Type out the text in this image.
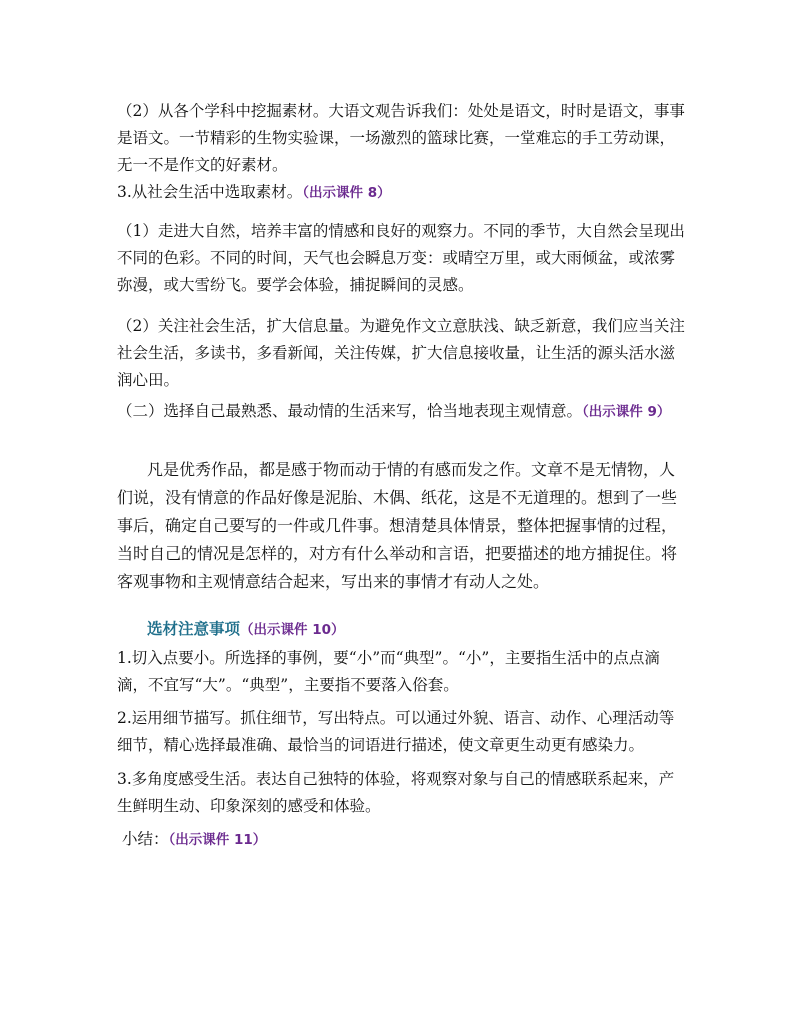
（2）从各个学科中挖掘素材。大语文观告诉我们：处处是语文，时时是语文，事事是语文。一节精彩的生物实验课，一场激烈的篮球比赛，一堂难忘的手工劳动课，无一不是作文的好素材。
3.从社会生活中选取素材。（出示课件 8）
（1）走进大自然，培养丰富的情感和良好的观察力。不同的季节，大自然会呈现出不同的色彩。不同的时间，天气也会瞬息万变：或晴空万里，或大雨倾盆，或浓雾弥漫，或大雪纷飞。要学会体验，捕捉瞬间的灵感。
（2）关注社会生活，扩大信息量。为避免作文立意肤浅、缺乏新意，我们应当关注社会生活，多读书，多看新闻，关注传媒，扩大信息接收量，让生活的源头活水滋润心田。
（二）选择自己最熟悉、最动情的生活来写，恰当地表现主观情意。（出示课件 9）
凡是优秀作品，都是感于物而动于情的有感而发之作。文章不是无情物，人们说，没有情意的作品好像是泥胎、木偶、纸花，这是不无道理的。想到了一些事后，确定自己要写的一件或几件事。想清楚具体情景，整体把握事情的过程，当时自己的情况是怎样的，对方有什么举动和言语，把要描述的地方捕捉住。将客观事物和主观情意结合起来，写出来的事情才有动人之处。
选材注意事项（出示课件 10）
1.切入点要小。所选择的事例，要“小”而“典型”。“小”，主要指生活中的点点滴滴，不宜写“大”。“典型”，主要指不要落入俗套。
2.运用细节描写。抓住细节，写出特点。可以通过外貌、语言、动作、心理活动等细节，精心选择最准确、最恰当的词语进行描述，使文章更生动更有感染力。
3.多角度感受生活。表达自己独特的体验，将观察对象与自己的情感联系起来，产生鲜明生动、印象深刻的感受和体验。
小结：（出示课件 11）
